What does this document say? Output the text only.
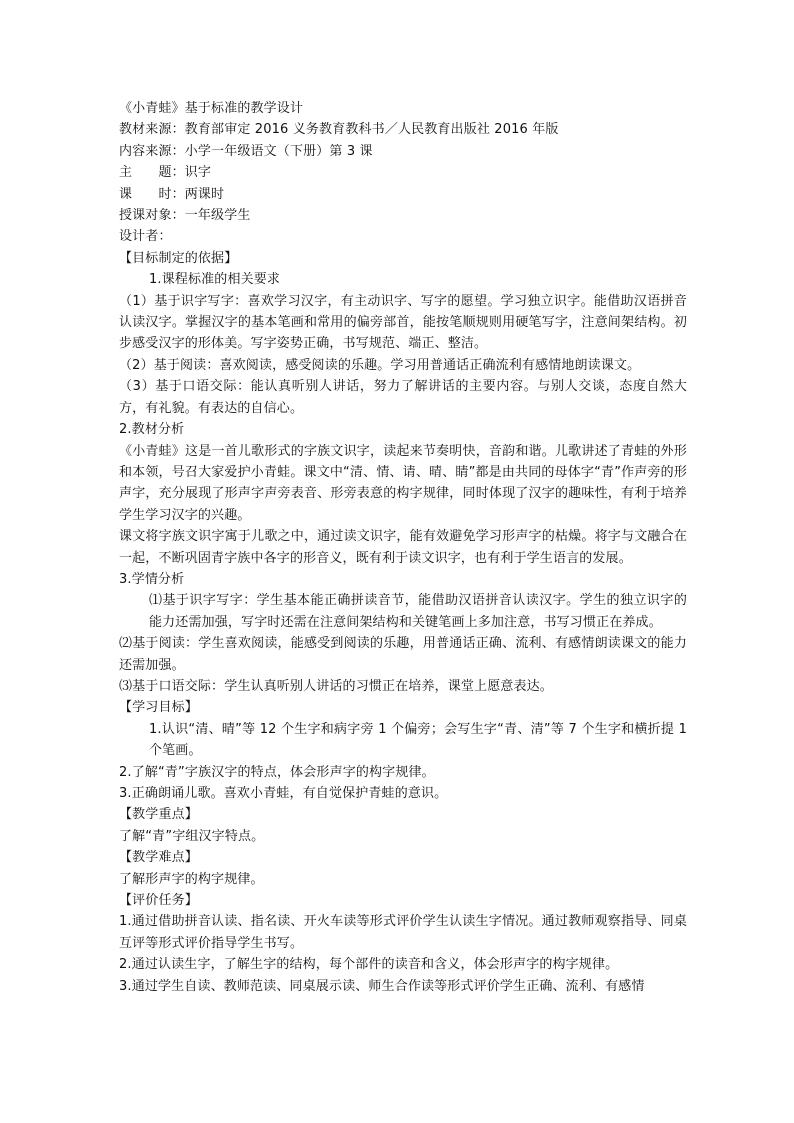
《小青蛙》基于标准的教学设计
教材来源：教育部审定 2016 义务教育教科书／人民教育出版社 2016 年版
内容来源：小学一年级语文（下册）第 3 课
主　　题：识字
课　　时：两课时
授课对象：一年级学生
设计者：
【目标制定的依据】
1.课程标准的相关要求
（1）基于识字写字：喜欢学习汉字，有主动识字、写字的愿望。学习独立识字。能借助汉语拼音认读汉字。掌握汉字的基本笔画和常用的偏旁部首，能按笔顺规则用硬笔写字，注意间架结构。初步感受汉字的形体美。写字姿势正确，书写规范、端正、整洁。
（2）基于阅读：喜欢阅读，感受阅读的乐趣。学习用普通话正确流利有感情地朗读课文。
（3）基于口语交际：能认真听别人讲话，努力了解讲话的主要内容。与别人交谈，态度自然大方，有礼貌。有表达的自信心。
2.教材分析
《小青蛙》这是一首儿歌形式的字族文识字，读起来节奏明快，音韵和谐。儿歌讲述了青蛙的外形和本领，号召大家爱护小青蛙。课文中“清、情、请、晴、睛”都是由共同的母体字“青”作声旁的形声字，充分展现了形声字声旁表音、形旁表意的构字规律，同时体现了汉字的趣味性，有利于培养学生学习汉字的兴趣。
课文将字族文识字寓于儿歌之中，通过读文识字，能有效避免学习形声字的枯燥。将字与文融合在一起，不断巩固青字族中各字的形音义，既有利于读文识字，也有利于学生语言的发展。
3.学情分析
⑴基于识字写字：学生基本能正确拼读音节，能借助汉语拼音认读汉字。学生的独立识字的能力还需加强，写字时还需在注意间架结构和关键笔画上多加注意，书写习惯正在养成。
⑵基于阅读：学生喜欢阅读，能感受到阅读的乐趣，用普通话正确、流利、有感情朗读课文的能力还需加强。
⑶基于口语交际：学生认真听别人讲话的习惯正在培养，课堂上愿意表达。
【学习目标】
1.认识“清、晴”等 12 个生字和病字旁 1 个偏旁；会写生字“青、清”等 7 个生字和横折提 1 个笔画。
2.了解“青”字族汉字的特点，体会形声字的构字规律。
3.正确朗诵儿歌。喜欢小青蛙，有自觉保护青蛙的意识。
【教学重点】
了解“青”字组汉字特点。
【教学难点】
了解形声字的构字规律。
【评价任务】
1.通过借助拼音认读、指名读、开火车读等形式评价学生认读生字情况。通过教师观察指导、同桌互评等形式评价指导学生书写。
2.通过认读生字，了解生字的结构，每个部件的读音和含义，体会形声字的构字规律。
3.通过学生自读、教师范读、同桌展示读、师生合作读等形式评价学生正确、流利、有感情
